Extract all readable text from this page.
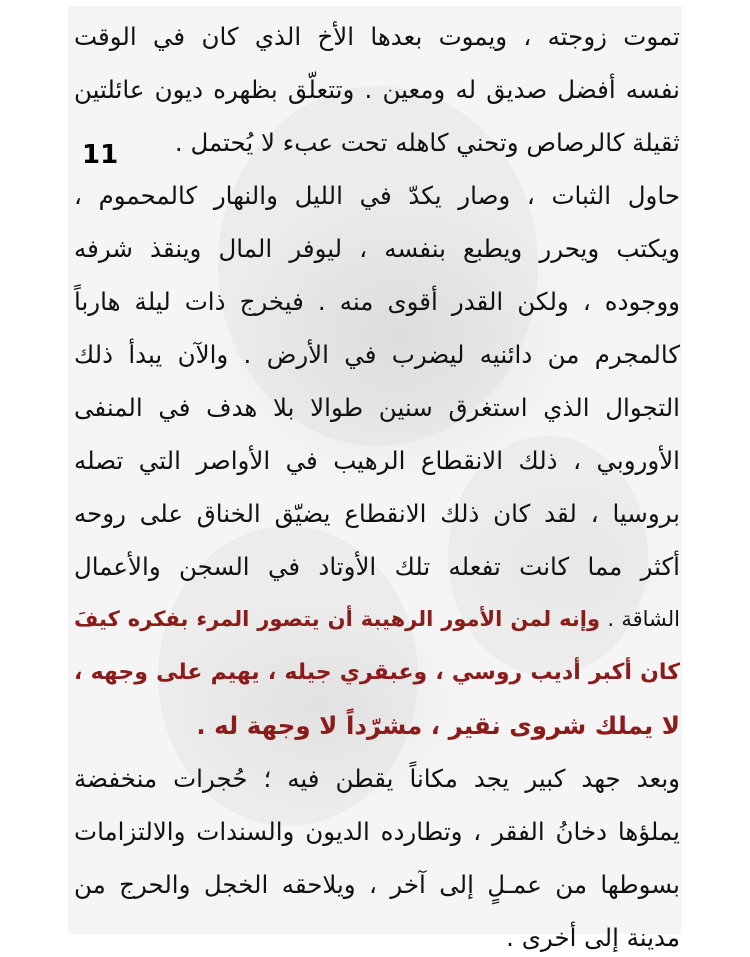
تموت زوجته ، ويموت بعدها الأخ الذي كان في الوقت
نفسه أفضل صديق له ومعين . وتتعلّق بظهره ديون عائلتين
ثقيلة كالرصاص وتحني كاهله تحت عبء لا يُحتمل .
حاول الثبات ، وصار يكدّ في الليل والنهار كالمحموم ،
ويكتب ويحرر ويطبع بنفسه ، ليوفر المال وينقذ شرفه
ووجوده ، ولكن القدر أقوى منه . فيخرج ذات ليلة هارباً
كالمجرم من دائنيه ليضرب في الأرض . والآن يبدأ ذلك
التجوال الذي استغرق سنين طوالا بلا هدف في المنفى
الأوروبي ، ذلك الانقطاع الرهيب في الأواصر التي تصله
بروسيا ، لقد كان ذلك الانقطاع يضيّق الخناق على روحه
أكثر مما كانت تفعله تلك الأوتاد في السجن والأعمال
الشاقة . وإنه لمن الأمور الرهيبة أن يتصور المرء بفكره كيفَ
كان أكبر أديب روسي ، وعبقري جيله ، يهيم على وجهه ،
لا يملك شروى نقير ، مشرّداً لا وجهة له .
وبعد جهد كبير يجد مكاناً يقطن فيه ؛ حُجرات منخفضة
يملؤها دخانُ الفقر ، وتطارده الديون والسندات والالتزامات
بسوطها من عمـلٍ إلى آخر ، ويلاحقه الخجل والحرج من
مدينة إلى أخرى .
11
